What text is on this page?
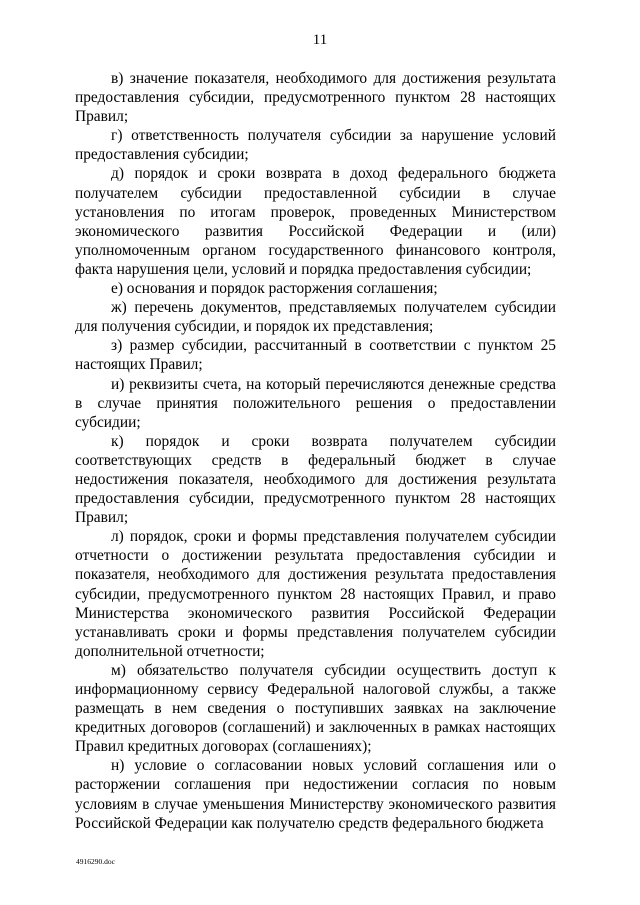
11

в) значение показателя, необходимого для достижения результата предоставления субсидии, предусмотренного пунктом 28 настоящих Правил;

г) ответственность получателя субсидии за нарушение условий предоставления субсидии;

д) порядок и сроки возврата в доход федерального бюджета получателем субсидии предоставленной субсидии в случае установления по итогам проверок, проведенных Министерством экономического развития Российской Федерации и (или) уполномоченным органом государственного финансового контроля, факта нарушения цели, условий и порядка предоставления субсидии;

е) основания и порядок расторжения соглашения;

ж) перечень документов, представляемых получателем субсидии для получения субсидии, и порядок их представления;

з) размер субсидии, рассчитанный в соответствии с пунктом 25 настоящих Правил;

и) реквизиты счета, на который перечисляются денежные средства в случае принятия положительного решения о предоставлении субсидии;

к) порядок и сроки возврата получателем субсидии соответствующих средств в федеральный бюджет в случае недостижения показателя, необходимого для достижения результата предоставления субсидии, предусмотренного пунктом 28 настоящих Правил;

л) порядок, сроки и формы представления получателем субсидии отчетности о достижении результата предоставления субсидии и показателя, необходимого для достижения результата предоставления субсидии, предусмотренного пунктом 28 настоящих Правил, и право Министерства экономического развития Российской Федерации устанавливать сроки и формы представления получателем субсидии дополнительной отчетности;

м) обязательство получателя субсидии осуществить доступ к информационному сервису Федеральной налоговой службы, а также размещать в нем сведения о поступивших заявках на заключение кредитных договоров (соглашений) и заключенных в рамках настоящих Правил кредитных договорах (соглашениях);

н) условие о согласовании новых условий соглашения или о расторжении соглашения при недостижении согласия по новым условиям в случае уменьшения Министерству экономического развития Российской Федерации как получателю средств федерального бюджета

4916290.doc
